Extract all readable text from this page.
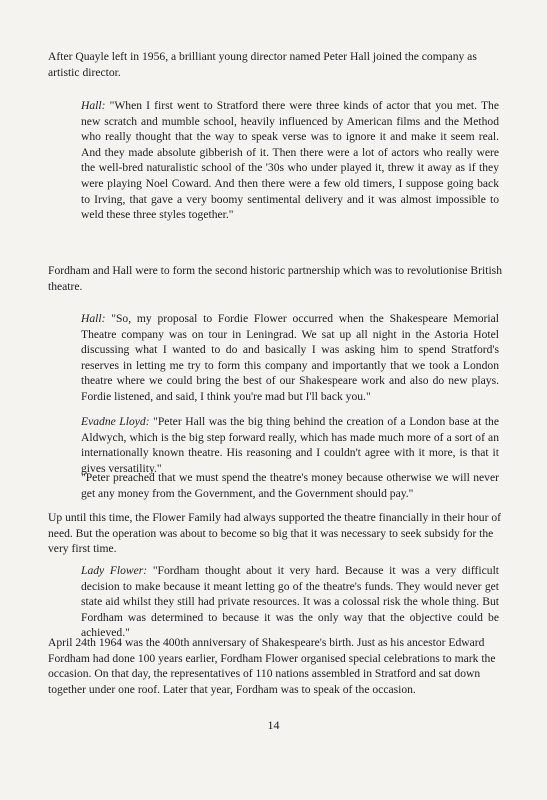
After Quayle left in 1956, a brilliant young director named Peter Hall joined the company as artistic director.

Hall: "When I first went to Stratford there were three kinds of actor that you met. The new scratch and mumble school, heavily influenced by American films and the Method who really thought that the way to speak verse was to ignore it and make it seem real. And they made absolute gibberish of it. Then there were a lot of actors who really were the well-bred naturalistic school of the '30s who under played it, threw it away as if they were playing Noel Coward. And then there were a few old timers, I suppose going back to Irving, that gave a very boomy sentimental delivery and it was almost impossible to weld these three styles together."

Fordham and Hall were to form the second historic partnership which was to revolutionise British theatre.

Hall: "So, my proposal to Fordie Flower occurred when the Shakespeare Memorial Theatre company was on tour in Leningrad. We sat up all night in the Astoria Hotel discussing what I wanted to do and basically I was asking him to spend Stratford's reserves in letting me try to form this company and importantly that we took a London theatre where we could bring the best of our Shakespeare work and also do new plays. Fordie listened, and said, I think you're mad but I'll back you."

Evadne Lloyd: "Peter Hall was the big thing behind the creation of a London base at the Aldwych, which is the big step forward really, which has made much more of a sort of an internationally known theatre. His reasoning and I couldn't agree with it more, is that it gives versatility."

"Peter preached that we must spend the theatre's money because otherwise we will never get any money from the Government, and the Government should pay."

Up until this time, the Flower Family had always supported the theatre financially in their hour of need. But the operation was about to become so big that it was necessary to seek subsidy for the very first time.

Lady Flower: "Fordham thought about it very hard. Because it was a very difficult decision to make because it meant letting go of the theatre's funds. They would never get state aid whilst they still had private resources. It was a colossal risk the whole thing. But Fordham was determined to because it was the only way that the objective could be achieved."

April 24th 1964 was the 400th anniversary of Shakespeare's birth. Just as his ancestor Edward Fordham had done 100 years earlier, Fordham Flower organised special celebrations to mark the occasion. On that day, the representatives of 110 nations assembled in Stratford and sat down together under one roof. Later that year, Fordham was to speak of the occasion.

14
